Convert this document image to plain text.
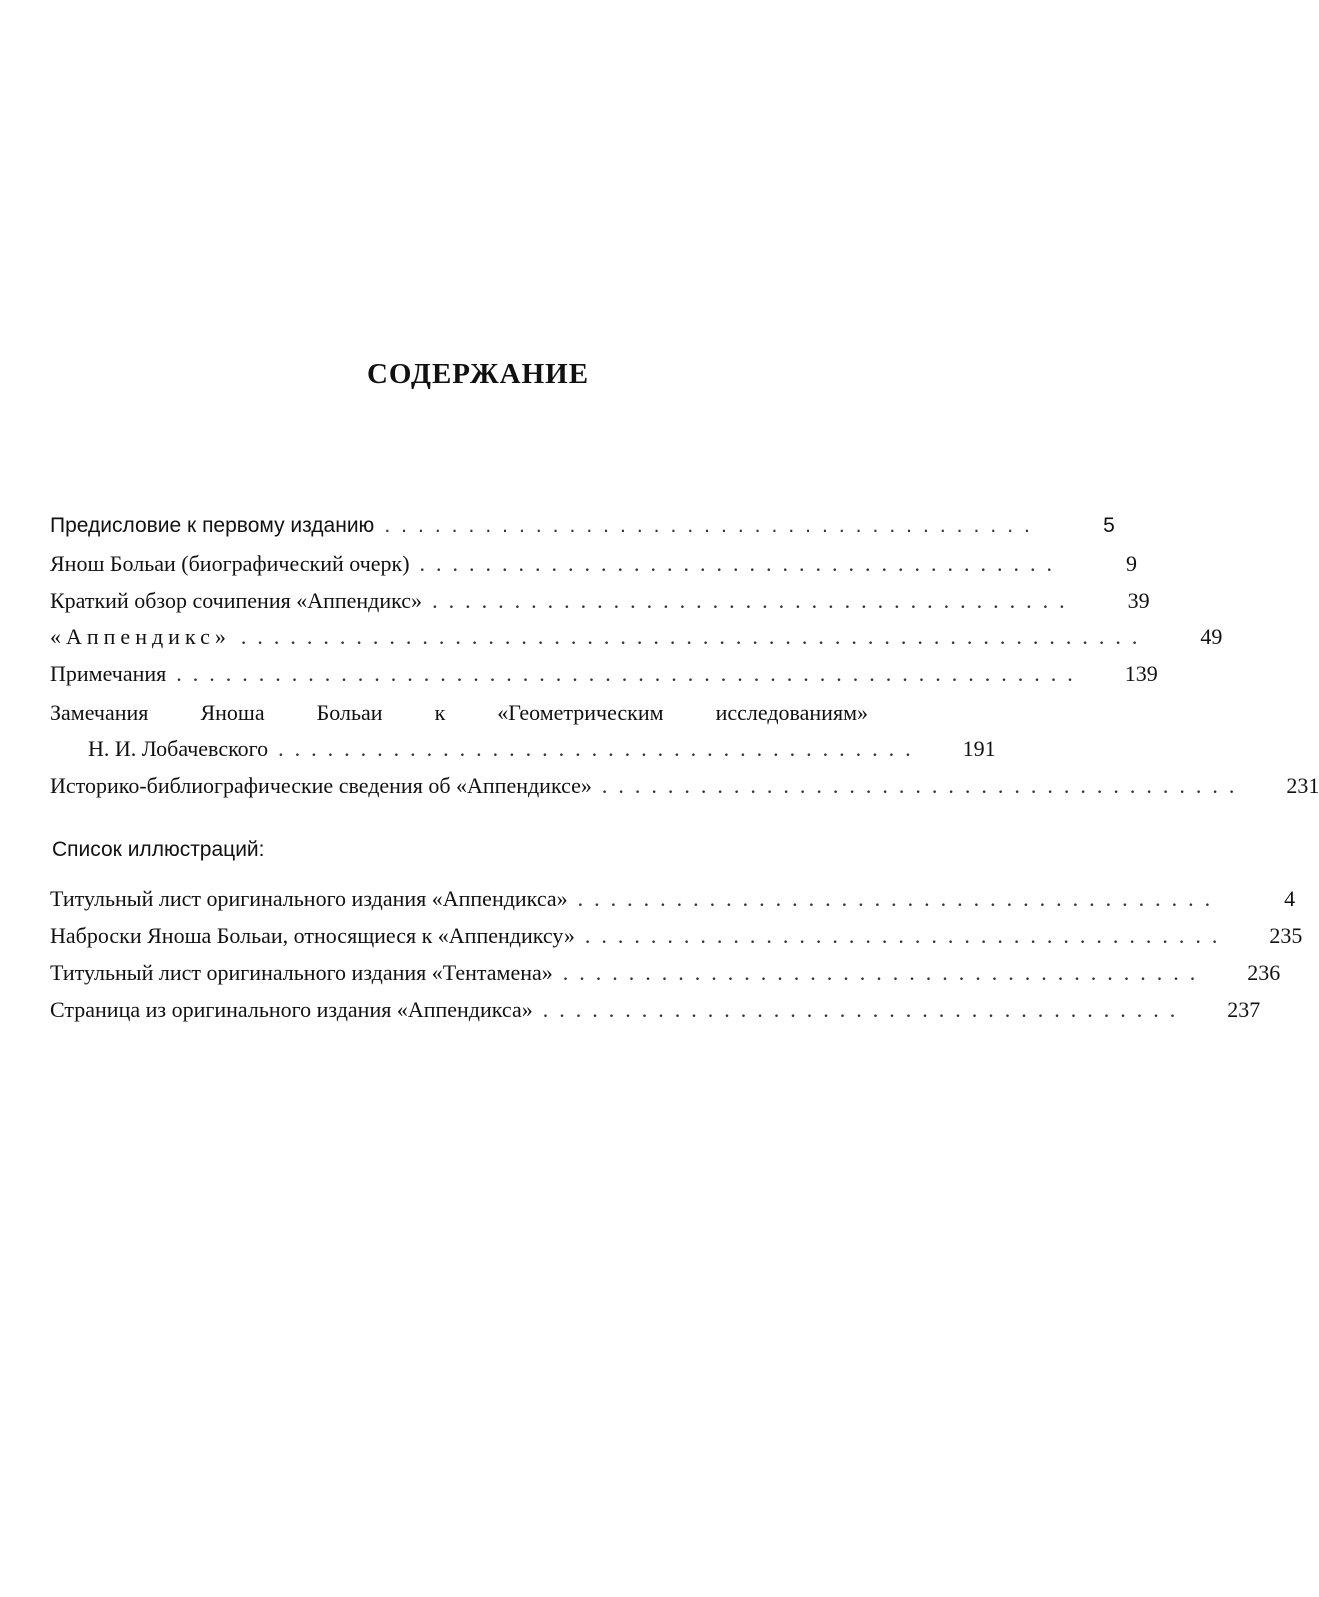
СОДЕРЖАНИЕ
Предисловие к первому изданию .......................................	5
Янош Больаи (биографический очерк) .......................................	9
Краткий обзор сочипения «Аппендикс» .......................................	39
«Аппендикс» .......................................................	49
Примечания .......................................................	139
Замечания Яноша Больаи к «Геометрическим исследованиям»
Н. И. Лобачевского .......................................	191
Историко-библиографические сведения об «Аппендиксе» .......................................	231
Список иллюстраций:
Титульный лист оригинального издания «Аппендикса» .......................................	4
Наброски Яноша Больаи, относящиеся к «Аппендиксу» .......................................	235
Титульный лист оригинального издания «Тентамена» .......................................	236
Страница из оригинального издания «Аппендикса» .......................................	237
